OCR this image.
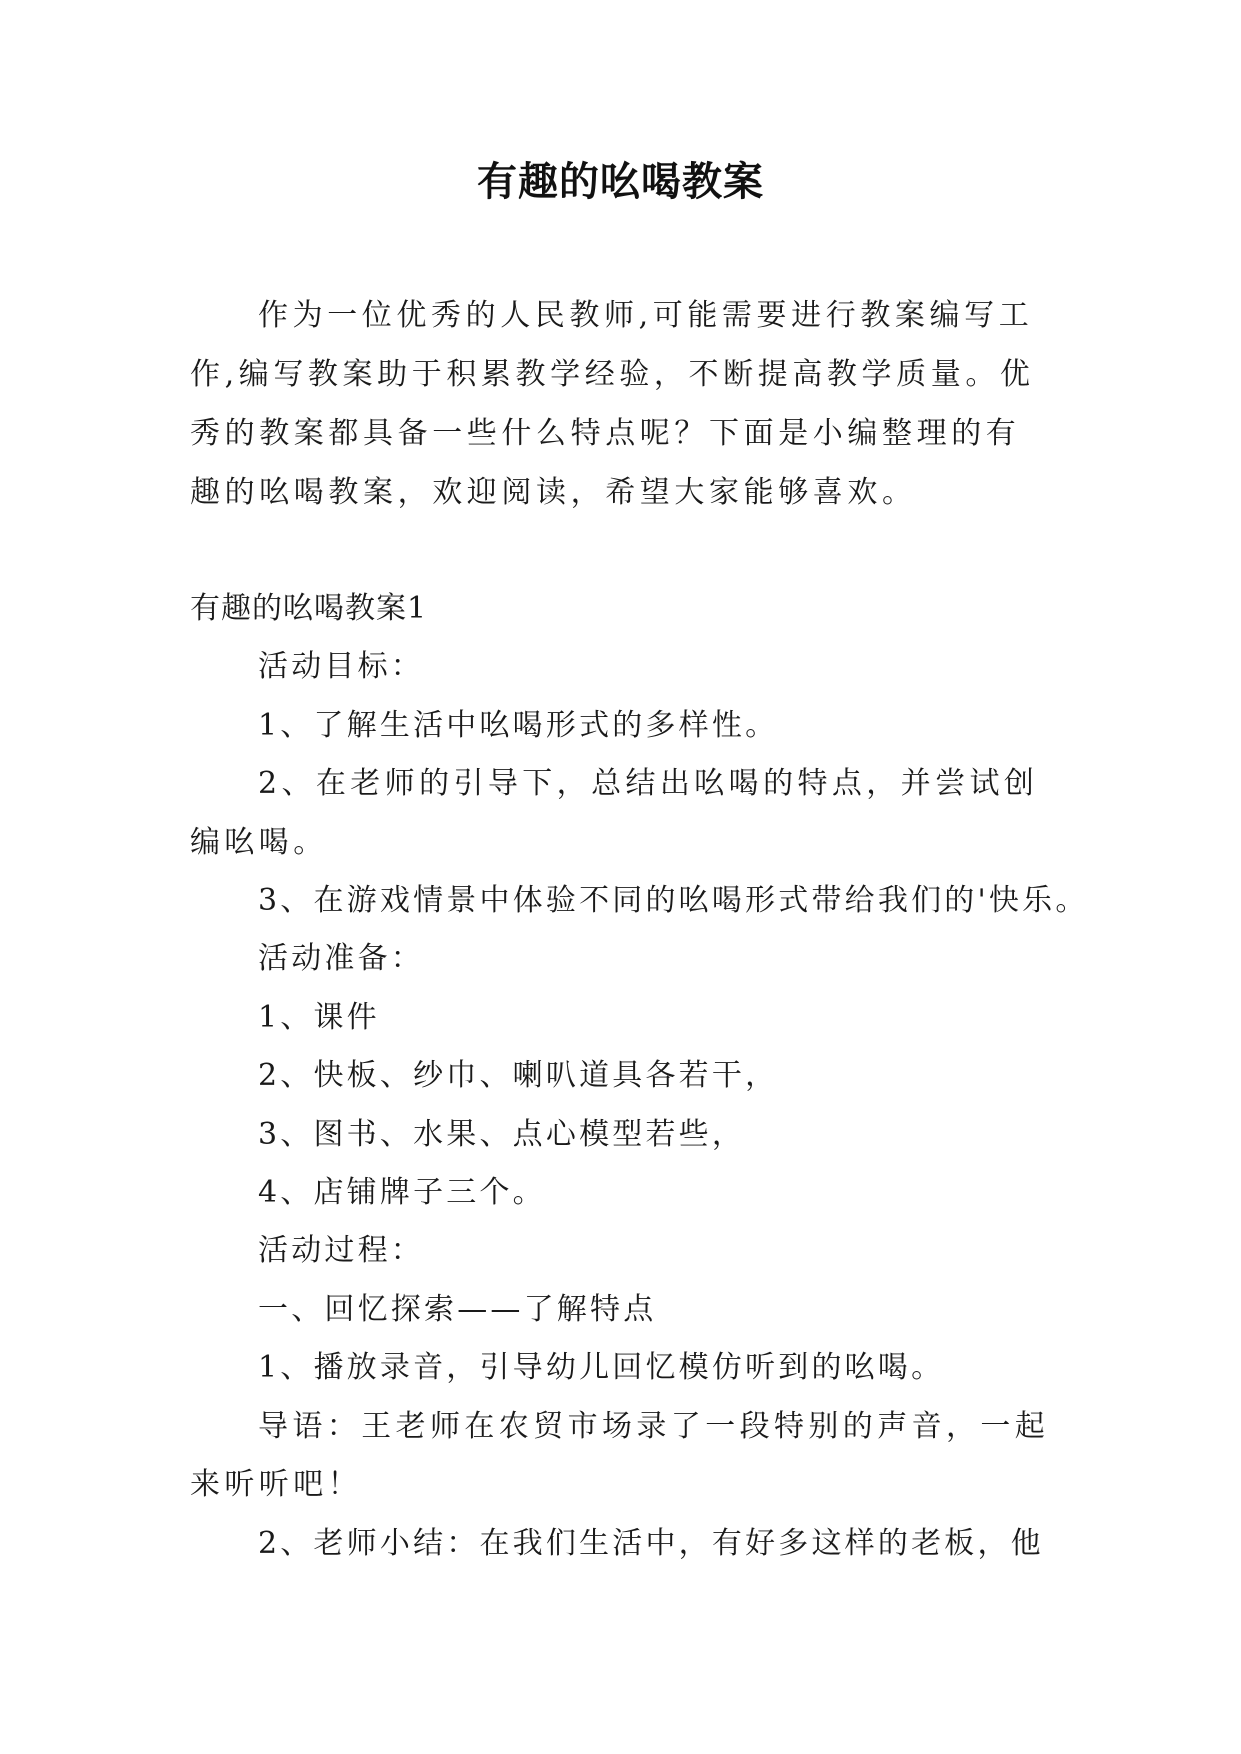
有趣的吆喝教案

作为一位优秀的人民教师,可能需要进行教案编写工作,编写教案助于积累教学经验，不断提高教学质量。优秀的教案都具备一些什么特点呢？下面是小编整理的有趣的吆喝教案，欢迎阅读，希望大家能够喜欢。

有趣的吆喝教案1

活动目标：

1、了解生活中吆喝形式的多样性。

2、在老师的引导下，总结出吆喝的特点，并尝试创编吆喝。

3、在游戏情景中体验不同的吆喝形式带给我们的'快乐。

活动准备：

1、课件

2、快板、纱巾、喇叭道具各若干，

3、图书、水果、点心模型若些，

4、店铺牌子三个。

活动过程：

一、回忆探索——了解特点

1、播放录音，引导幼儿回忆模仿听到的吆喝。

导语：王老师在农贸市场录了一段特别的声音，一起来听听吧！

2、老师小结：在我们生活中，有好多这样的老板，他
